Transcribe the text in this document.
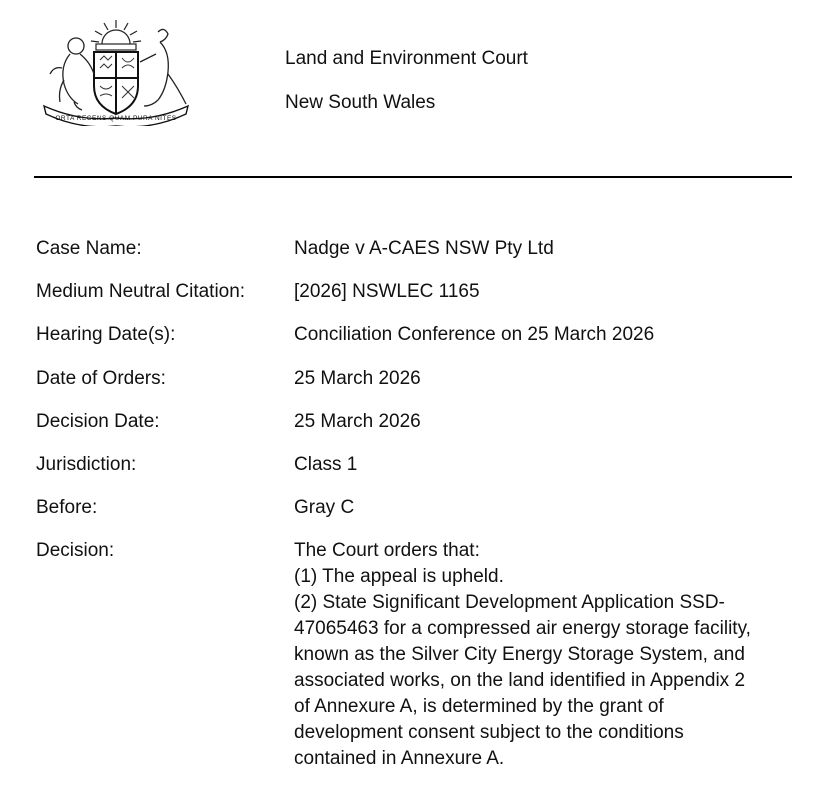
ORTA RECENS QUAM PURA NITES
Land and Environment Court
New South Wales
Case Name:	Nadge v A-CAES NSW Pty Ltd
Medium Neutral Citation:	[2026] NSWLEC 1165
Hearing Date(s):	Conciliation Conference on 25 March 2026
Date of Orders:	25 March 2026
Decision Date:	25 March 2026
Jurisdiction:	Class 1
Before:	Gray C
Decision:	The Court orders that:
(1) The appeal is upheld.
(2) State Significant Development Application SSD-
47065463 for a compressed air energy storage facility,
known as the Silver City Energy Storage System, and
associated works, on the land identified in Appendix 2
of Annexure A, is determined by the grant of
development consent subject to the conditions
contained in Annexure A.
